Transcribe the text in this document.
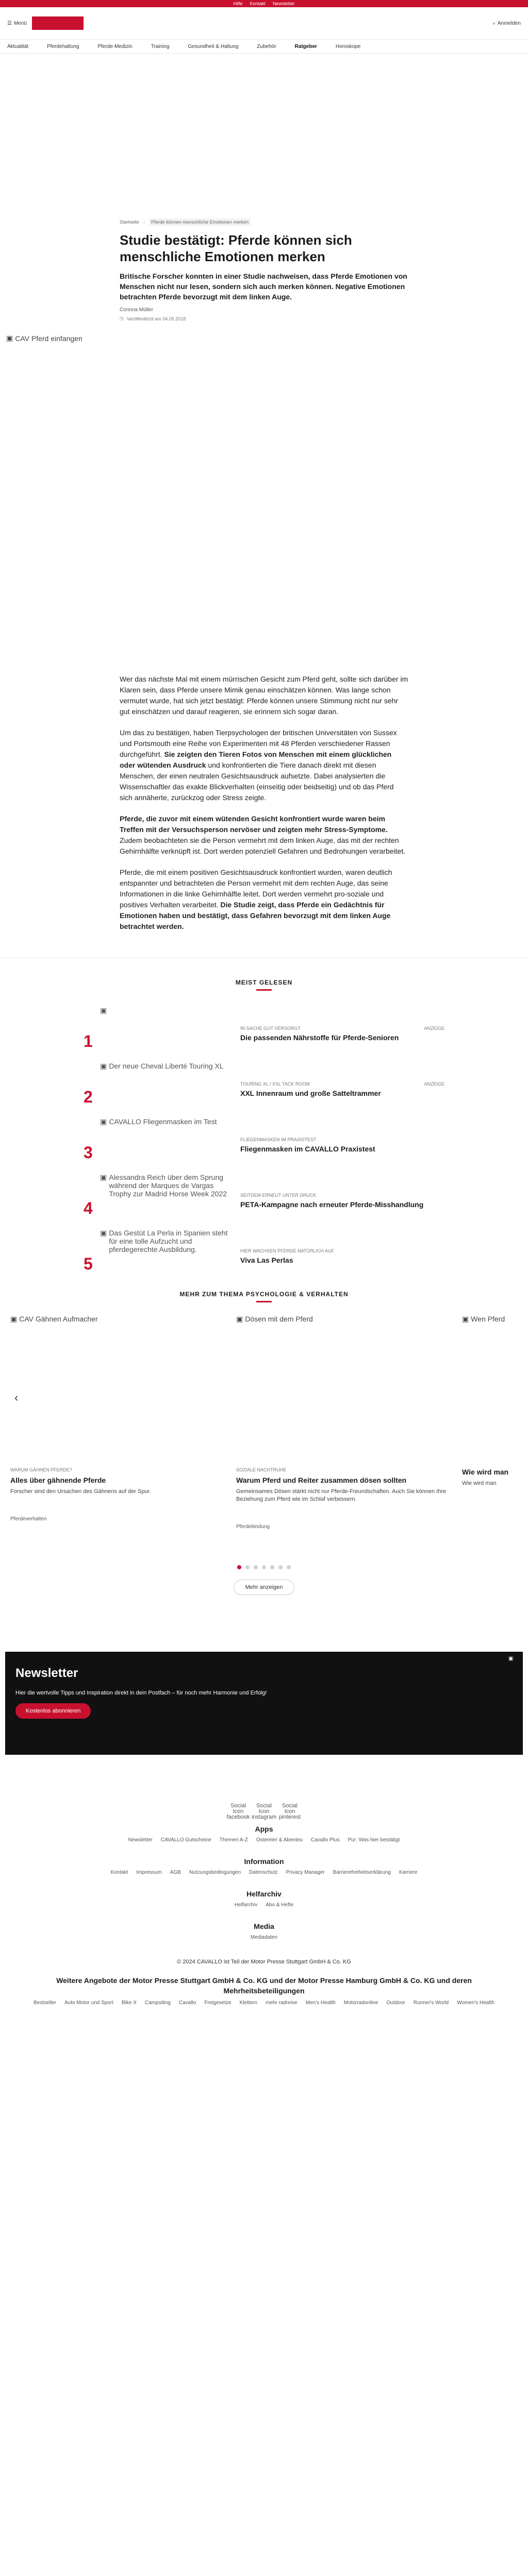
Hilfe Kontakt Newsletter
☰ Menü	⌕ Anmelden
Aktualität	Pferdehaltung	Pferde-Medizin	Training	Gesundheit & Haltung	Zubehör	Ratgeber	Horoskope
Startseite ›	Pferde können menschliche Emotionen merken
Studie bestätigt: Pferde können sich menschliche Emotionen merken

Britische Forscher konnten in einer Studie nachweisen, dass Pferde Emotionen von Menschen nicht nur lesen, sondern sich auch merken können. Negative Emotionen betrachten Pferde bevorzugt mit dem linken Auge.

Corinna Müller
◷ Veröffentlicht am 04.05.2018
▣ CAV Pferd einfangen

Wer das nächste Mal mit einem mürrischen Gesicht zum Pferd geht, sollte sich darüber im Klaren sein, dass Pferde unsere Mimik genau einschätzen können. Was lange schon vermutet wurde, hat sich jetzt bestätigt: Pferde können unsere Stimmung nicht nur sehr gut einschätzen und darauf reagieren, sie erinnern sich sogar daran.

Um das zu bestätigen, haben Tierpsychologen der britischen Universitäten von Sussex und Portsmouth eine Reihe von Experimenten mit 48 Pferden verschiedener Rassen durchgeführt. Sie zeigten den Tieren Fotos von Menschen mit einem glücklichen oder wütenden Ausdruck und konfrontierten die Tiere danach direkt mit diesen Menschen, der einen neutralen Gesichtsausdruck aufsetzte. Dabei analysierten die Wissenschaftler das exakte Blickverhalten (einseitig oder beidseitig) und ob das Pferd sich annäherte, zurückzog oder Stress zeigte.

Pferde, die zuvor mit einem wütenden Gesicht konfrontiert wurde waren beim Treffen mit der Versuchsperson nervöser und zeigten mehr Stress-Symptome. Zudem beobachteten sie die Person vermehrt mit dem linken Auge, das mit der rechten Gehirnhälfte verknüpft ist. Dort werden potenziell Gefahren und Bedrohungen verarbeitet.

Pferde, die mit einem positiven Gesichtsausdruck konfrontiert wurden, waren deutlich entspannter und betrachteten die Person vermehrt mit dem rechten Auge, das seine Informationen in die linke Gehirnhälfte leitet. Dort werden vermehrt pro-soziale und positives Verhalten verarbeitet. Die Studie zeigt, dass Pferde ein Gedächtnis für Emotionen haben und bestätigt, dass Gefahren bevorzugt mit dem linken Auge betrachtet werden.

MEIST GELESEN
1
▣
IN SACHE GUT VERSORGT	ANZEIGE
Die passenden Nährstoffe für Pferde-Senioren
2
▣ Der neue Cheval Liberté Touring XL
TOURING XL / XXL TACK ROOM	ANZEIGE
XXL Innenraum und große Satteltrammer
3
▣ CAVALLO Fliegenmasken im Test
FLIEGENMASKEN IM PRAXISTEST
Fliegenmasken im CAVALLO Praxistest
4
▣ Alessandra Reich über dem Sprung während der Marques de Vargas Trophy zur Madrid Horse Week 2022	SEITDEM ERNEUT UNTER DRUCK
PETA-Kampagne nach erneuter Pferde-Misshandlung
5
▣ Das Gestüt La Perla in Spanien steht für eine tolle Aufzucht und pferdegerechte Ausbildung.	HIER WACHSEN PFERDE NATÜRLICH AUF
Viva Las Perlas
MEHR ZUM THEMA PSYCHOLOGIE & VERHALTEN
▣ CAV Gähnen Aufmacher
WARUM GÄHNEN PFERDE?
Alles über gähnende Pferde
Forscher sind den Ursachen des Gähnens auf der Spur.
Pferdeverhalten
▣ Dösen mit dem Pferd
SOZIALE NACHTRUHE
Warum Pferd und Reiter zusammen dösen sollten
Gemeinsames Dösen stärkt nicht nur Pferde-Freundschaften. Auch Sie können Ihre Beziehung zum Pferd wie im Schlaf verbessern.
Pferdebindung
▣ Wen Pferd
Wie wird man
Wie wird man
‹
Mehr anzeigen
Newsletter
Hier die wertvolle Tipps und Inspiration direkt in dein Postfach – für noch mehr Harmonie und Erfolg!
Kostenlos abonnieren
▣
Social Icon facebook
Social Icon instagram
Social Icon pinterest
Apps
Newsletter CAVALLO Gutscheine Themen A-Z Ostereier & Abenteu Cavallo Plus Pur: Was hier bestätigt
Information
Kontakt Impressum AGB Nutzungsbedingungen Datenschutz Privacy Manager Barrierefreiheitserklärung Karriere
Helfarchiv
Helfarchiv Abo & Hefte
Media
Mediadaten
© 2024 CAVALLO ist Teil der Motor Presse Stuttgart GmbH & Co. KG
Weitere Angebote der Motor Presse Stuttgart GmbH & Co. KG und der Motor Presse Hamburg GmbH & Co. KG und deren Mehrheitsbeteiligungen
Bestseller Auto Motor und Sport Bike X Campsiting Cavallo Freigesetze Klettern mehr radreise Men's Health Motorradonline Outdoor Runner's World Women's Health
